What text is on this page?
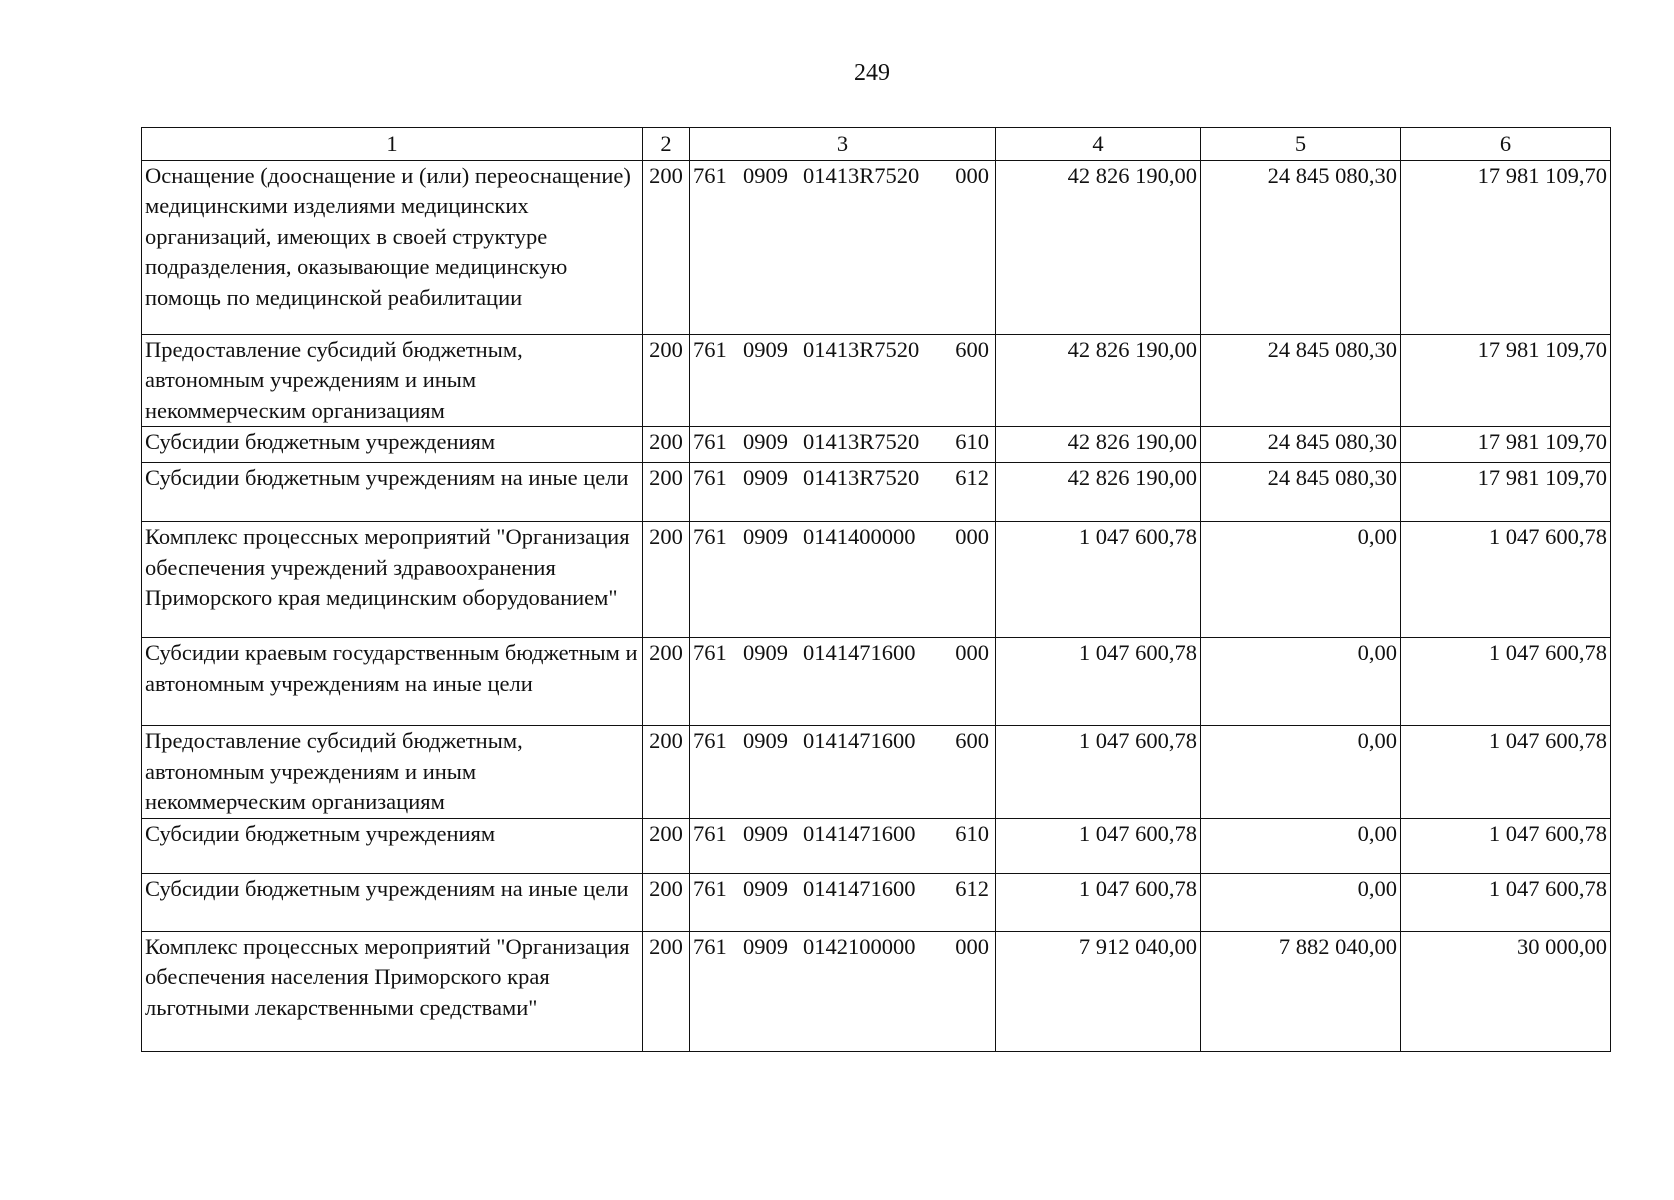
249
1	2	3	4	5	6
Оснащение (дооснащение и (или) переоснащение) медицинскими изделиями медицинских организаций, имеющих в своей структуре подразделения, оказывающие медицинскую помощь по медицинской реабилитации	200	761 0909 01413R7520 000	42 826 190,00	24 845 080,30	17 981 109,70
Предоставление субсидий бюджетным, автономным учреждениям и иным некоммерческим организациям	200	761 0909 01413R7520 600	42 826 190,00	24 845 080,30	17 981 109,70
Субсидии бюджетным учреждениям	200	761 0909 01413R7520 610	42 826 190,00	24 845 080,30	17 981 109,70
Субсидии бюджетным учреждениям на иные цели	200	761 0909 01413R7520 612	42 826 190,00	24 845 080,30	17 981 109,70
Комплекс процессных мероприятий "Организация обеспечения учреждений здравоохранения Приморского края медицинским оборудованием"	200	761 0909 0141400000 000	1 047 600,78	0,00	1 047 600,78
Субсидии краевым государственным бюджетным и автономным учреждениям на иные цели	200	761 0909 0141471600 000	1 047 600,78	0,00	1 047 600,78
Предоставление субсидий бюджетным, автономным учреждениям и иным некоммерческим организациям	200	761 0909 0141471600 600	1 047 600,78	0,00	1 047 600,78
Субсидии бюджетным учреждениям	200	761 0909 0141471600 610	1 047 600,78	0,00	1 047 600,78
Субсидии бюджетным учреждениям на иные цели	200	761 0909 0141471600 612	1 047 600,78	0,00	1 047 600,78
Комплекс процессных мероприятий "Организация обеспечения населения Приморского края льготными лекарственными средствами"	200	761 0909 0142100000 000	7 912 040,00	7 882 040,00	30 000,00
